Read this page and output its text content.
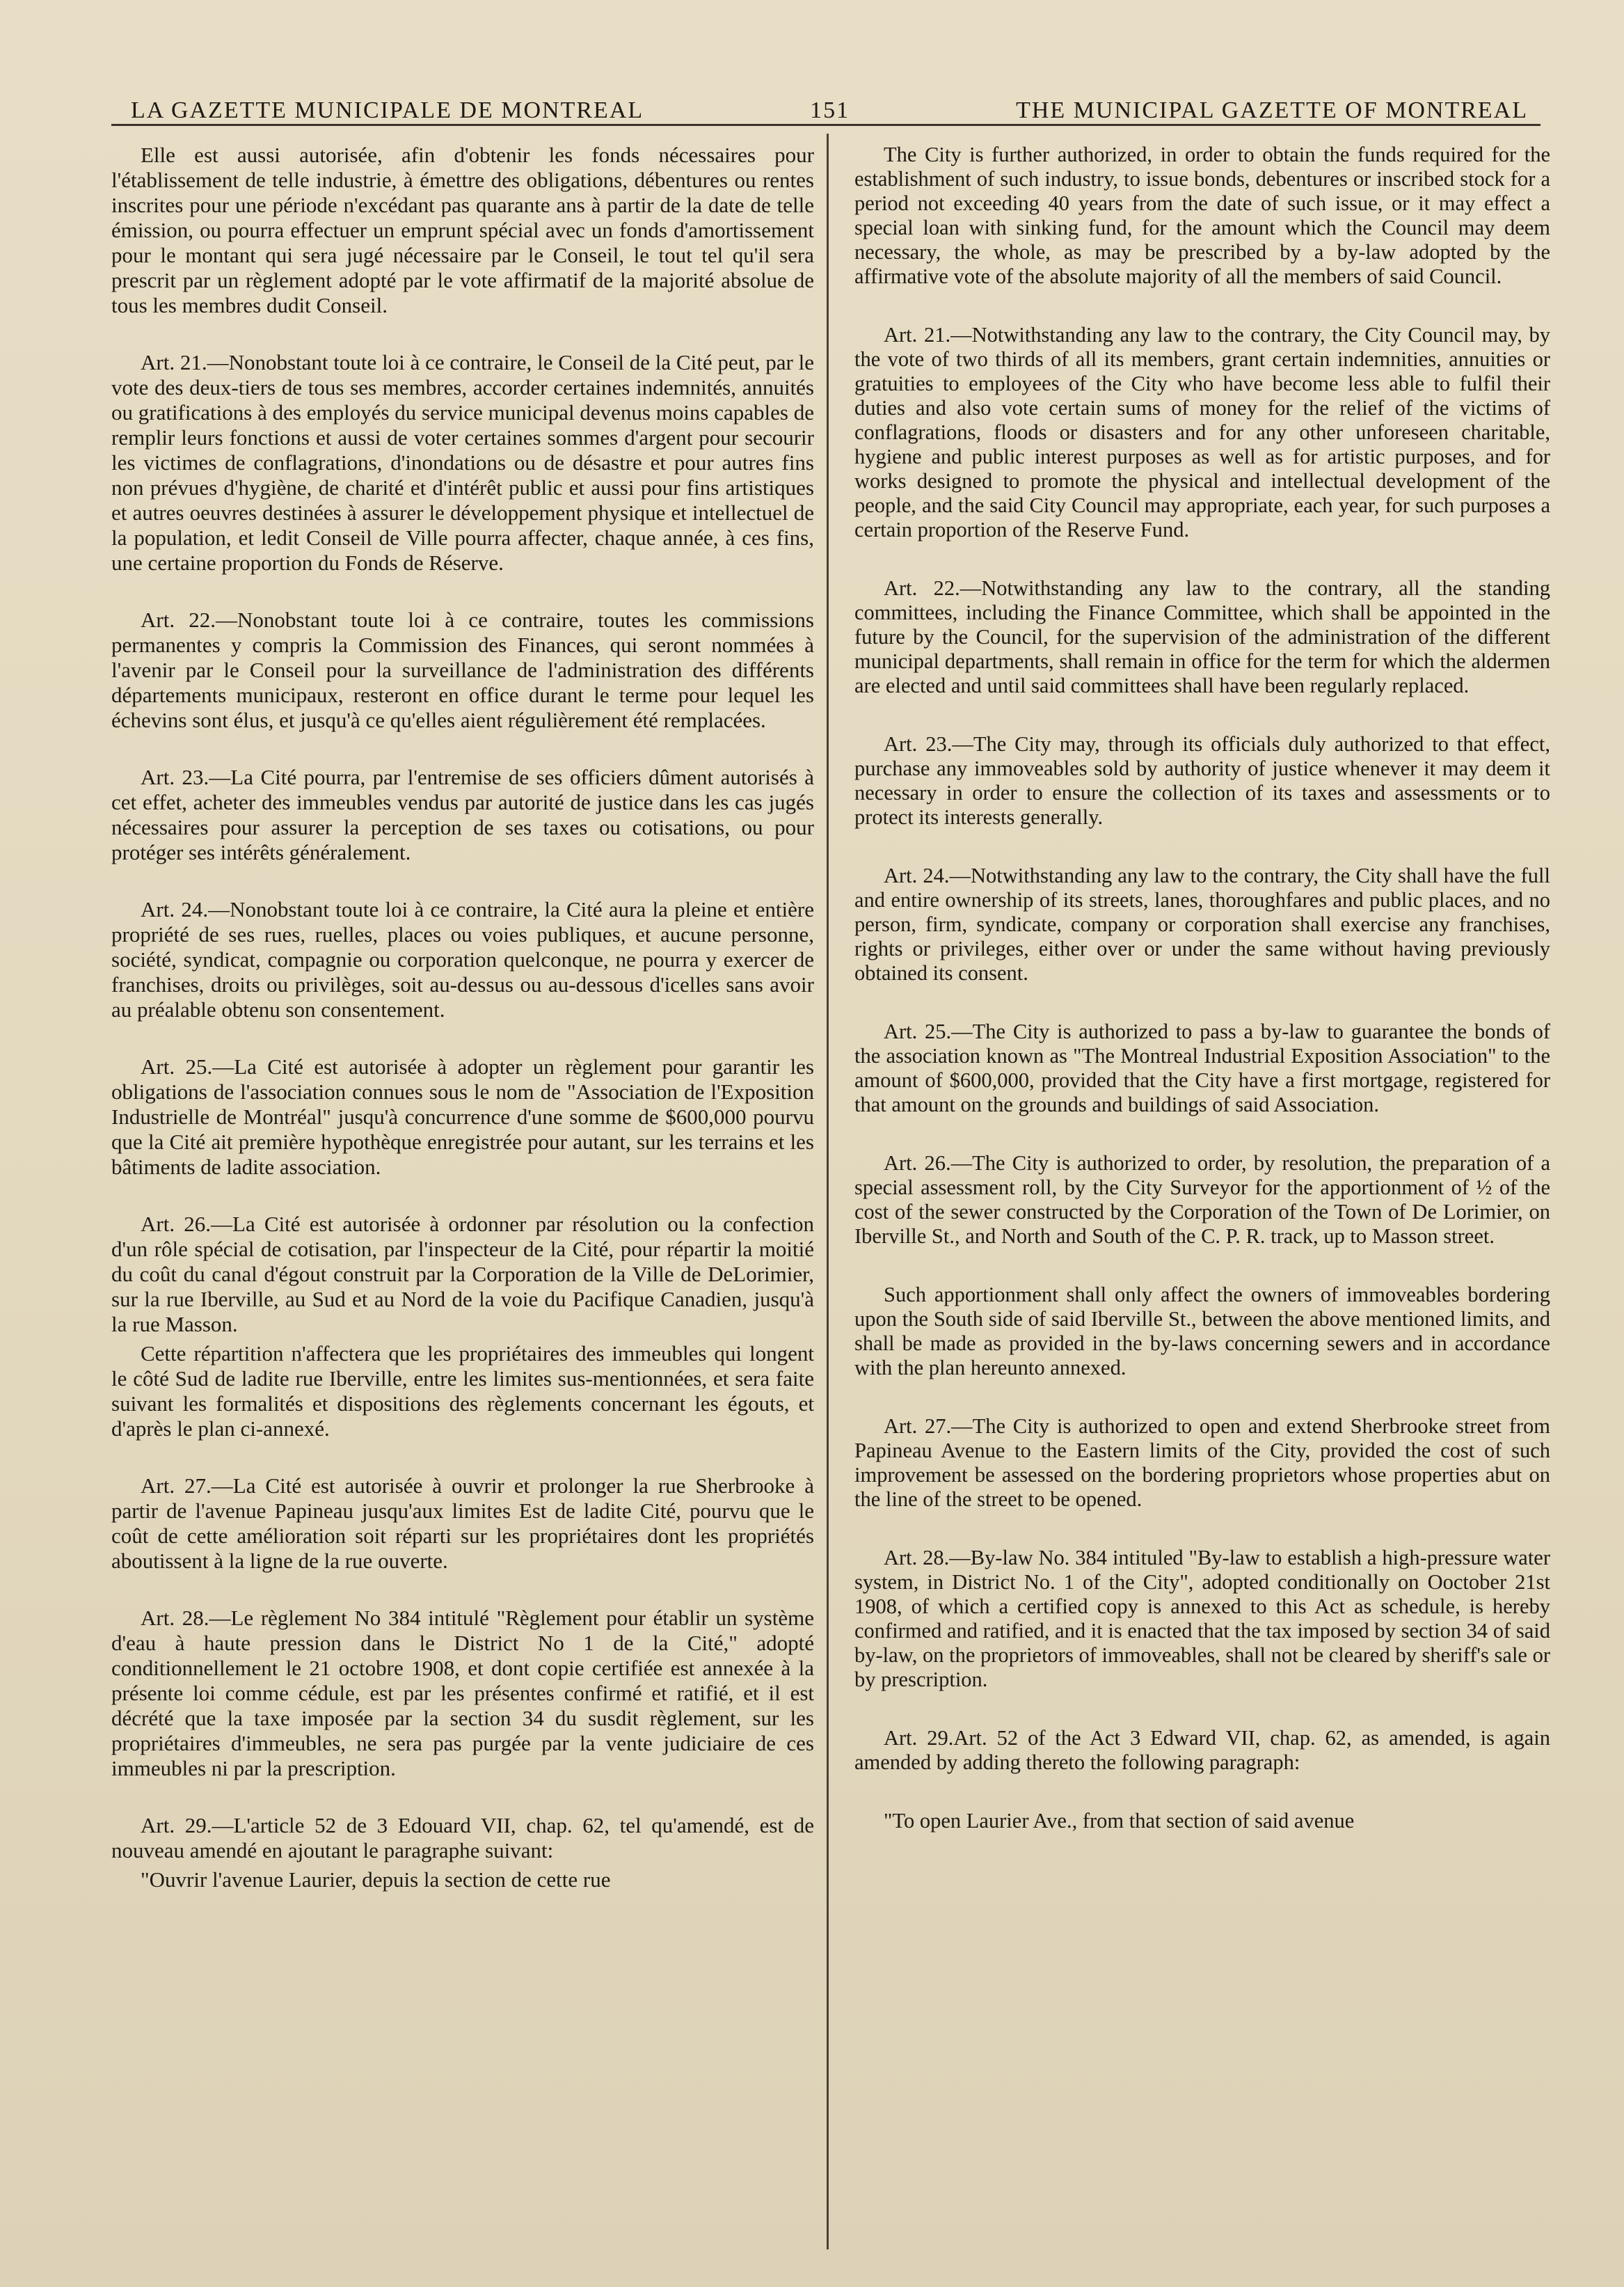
LA GAZETTE MUNICIPALE DE MONTREAL	151	THE MUNICIPAL GAZETTE OF MONTREAL

Elle est aussi autorisée, afin d'obtenir les fonds nécessaires pour l'établissement de telle industrie, à émettre des obligations, débentures ou rentes inscrites pour une période n'excédant pas quarante ans à partir de la date de telle émission, ou pourra effectuer un emprunt spécial avec un fonds d'amortissement pour le montant qui sera jugé nécessaire par le Conseil, le tout tel qu'il sera prescrit par un règlement adopté par le vote affirmatif de la majorité absolue de tous les membres dudit Conseil.

Art. 21.—Nonobstant toute loi à ce contraire, le Conseil de la Cité peut, par le vote des deux-tiers de tous ses membres, accorder certaines indemnités, annuités ou gratifications à des employés du service municipal devenus moins capables de remplir leurs fonctions et aussi de voter certaines sommes d'argent pour secourir les victimes de conflagrations, d'inondations ou de désastre et pour autres fins non prévues d'hygiène, de charité et d'intérêt public et aussi pour fins artistiques et autres oeuvres destinées à assurer le développement physique et intellectuel de la population, et ledit Conseil de Ville pourra affecter, chaque année, à ces fins, une certaine proportion du Fonds de Réserve.

Art. 22.—Nonobstant toute loi à ce contraire, toutes les commissions permanentes y compris la Commission des Finances, qui seront nommées à l'avenir par le Conseil pour la surveillance de l'administration des différents départements municipaux, resteront en office durant le terme pour lequel les échevins sont élus, et jusqu'à ce qu'elles aient régulièrement été remplacées.

Art. 23.—La Cité pourra, par l'entremise de ses officiers dûment autorisés à cet effet, acheter des immeubles vendus par autorité de justice dans les cas jugés nécessaires pour assurer la perception de ses taxes ou cotisations, ou pour protéger ses intérêts généralement.

Art. 24.—Nonobstant toute loi à ce contraire, la Cité aura la pleine et entière propriété de ses rues, ruelles, places ou voies publiques, et aucune personne, société, syndicat, compagnie ou corporation quelconque, ne pourra y exercer de franchises, droits ou privilèges, soit au-dessus ou au-dessous d'icelles sans avoir au préalable obtenu son consentement.

Art. 25.—La Cité est autorisée à adopter un règlement pour garantir les obligations de l'association connues sous le nom de "Association de l'Exposition Industrielle de Montréal" jusqu'à concurrence d'une somme de $600,000 pourvu que la Cité ait première hypothèque enregistrée pour autant, sur les terrains et les bâtiments de ladite association.

Art. 26.—La Cité est autorisée à ordonner par résolution ou la confection d'un rôle spécial de cotisation, par l'inspecteur de la Cité, pour répartir la moitié du coût du canal d'égout construit par la Corporation de la Ville de DeLorimier, sur la rue Iberville, au Sud et au Nord de la voie du Pacifique Canadien, jusqu'à la rue Masson.

Cette répartition n'affectera que les propriétaires des immeubles qui longent le côté Sud de ladite rue Iberville, entre les limites sus-mentionnées, et sera faite suivant les formalités et dispositions des règlements concernant les égouts, et d'après le plan ci-annexé.

Art. 27.—La Cité est autorisée à ouvrir et prolonger la rue Sherbrooke à partir de l'avenue Papineau jusqu'aux limites Est de ladite Cité, pourvu que le coût de cette amélioration soit réparti sur les propriétaires dont les propriétés aboutissent à la ligne de la rue ouverte.

Art. 28.—Le règlement No 384 intitulé "Règlement pour établir un système d'eau à haute pression dans le District No 1 de la Cité," adopté conditionnellement le 21 octobre 1908, et dont copie certifiée est annexée à la présente loi comme cédule, est par les présentes confirmé et ratifié, et il est décrété que la taxe imposée par la section 34 du susdit règlement, sur les propriétaires d'immeubles, ne sera pas purgée par la vente judiciaire de ces immeubles ni par la prescription.

Art. 29.—L'article 52 de 3 Edouard VII, chap. 62, tel qu'amendé, est de nouveau amendé en ajoutant le paragraphe suivant:

"Ouvrir l'avenue Laurier, depuis la section de cette rue

The City is further authorized, in order to obtain the funds required for the establishment of such industry, to issue bonds, debentures or inscribed stock for a period not exceeding 40 years from the date of such issue, or it may effect a special loan with sinking fund, for the amount which the Council may deem necessary, the whole, as may be prescribed by a by-law adopted by the affirmative vote of the absolute majority of all the members of said Council.

Art. 21.—Notwithstanding any law to the contrary, the City Council may, by the vote of two thirds of all its members, grant certain indemnities, annuities or gratuities to employees of the City who have become less able to fulfil their duties and also vote certain sums of money for the relief of the victims of conflagrations, floods or disasters and for any other unforeseen charitable, hygiene and public interest purposes as well as for artistic purposes, and for works designed to promote the physical and intellectual development of the people, and the said City Council may appropriate, each year, for such purposes a certain proportion of the Reserve Fund.

Art. 22.—Notwithstanding any law to the contrary, all the standing committees, including the Finance Committee, which shall be appointed in the future by the Council, for the supervision of the administration of the different municipal departments, shall remain in office for the term for which the aldermen are elected and until said committees shall have been regularly replaced.

Art. 23.—The City may, through its officials duly authorized to that effect, purchase any immoveables sold by authority of justice whenever it may deem it necessary in order to ensure the collection of its taxes and assessments or to protect its interests generally.

Art. 24.—Notwithstanding any law to the contrary, the City shall have the full and entire ownership of its streets, lanes, thoroughfares and public places, and no person, firm, syndicate, company or corporation shall exercise any franchises, rights or privileges, either over or under the same without having previously obtained its consent.

Art. 25.—The City is authorized to pass a by-law to guarantee the bonds of the association known as "The Montreal Industrial Exposition Association" to the amount of $600,000, provided that the City have a first mortgage, registered for that amount on the grounds and buildings of said Association.

Art. 26.—The City is authorized to order, by resolution, the preparation of a special assessment roll, by the City Surveyor for the apportionment of ½ of the cost of the sewer constructed by the Corporation of the Town of De Lorimier, on Iberville St., and North and South of the C. P. R. track, up to Masson street.

Such apportionment shall only affect the owners of immoveables bordering upon the South side of said Iberville St., between the above mentioned limits, and shall be made as provided in the by-laws concerning sewers and in accordance with the plan hereunto annexed.

Art. 27.—The City is authorized to open and extend Sherbrooke street from Papineau Avenue to the Eastern limits of the City, provided the cost of such improvement be assessed on the bordering proprietors whose properties abut on the line of the street to be opened.

Art. 28.—By-law No. 384 intituled "By-law to establish a high-pressure water system, in District No. 1 of the City", adopted conditionally on Ooctober 21st 1908, of which a certified copy is annexed to this Act as schedule, is hereby confirmed and ratified, and it is enacted that the tax imposed by section 34 of said by-law, on the proprietors of immoveables, shall not be cleared by sheriff's sale or by prescription.

Art. 29.Art. 52 of the Act 3 Edward VII, chap. 62, as amended, is again amended by adding thereto the following paragraph:

"To open Laurier Ave., from that section of said avenue
